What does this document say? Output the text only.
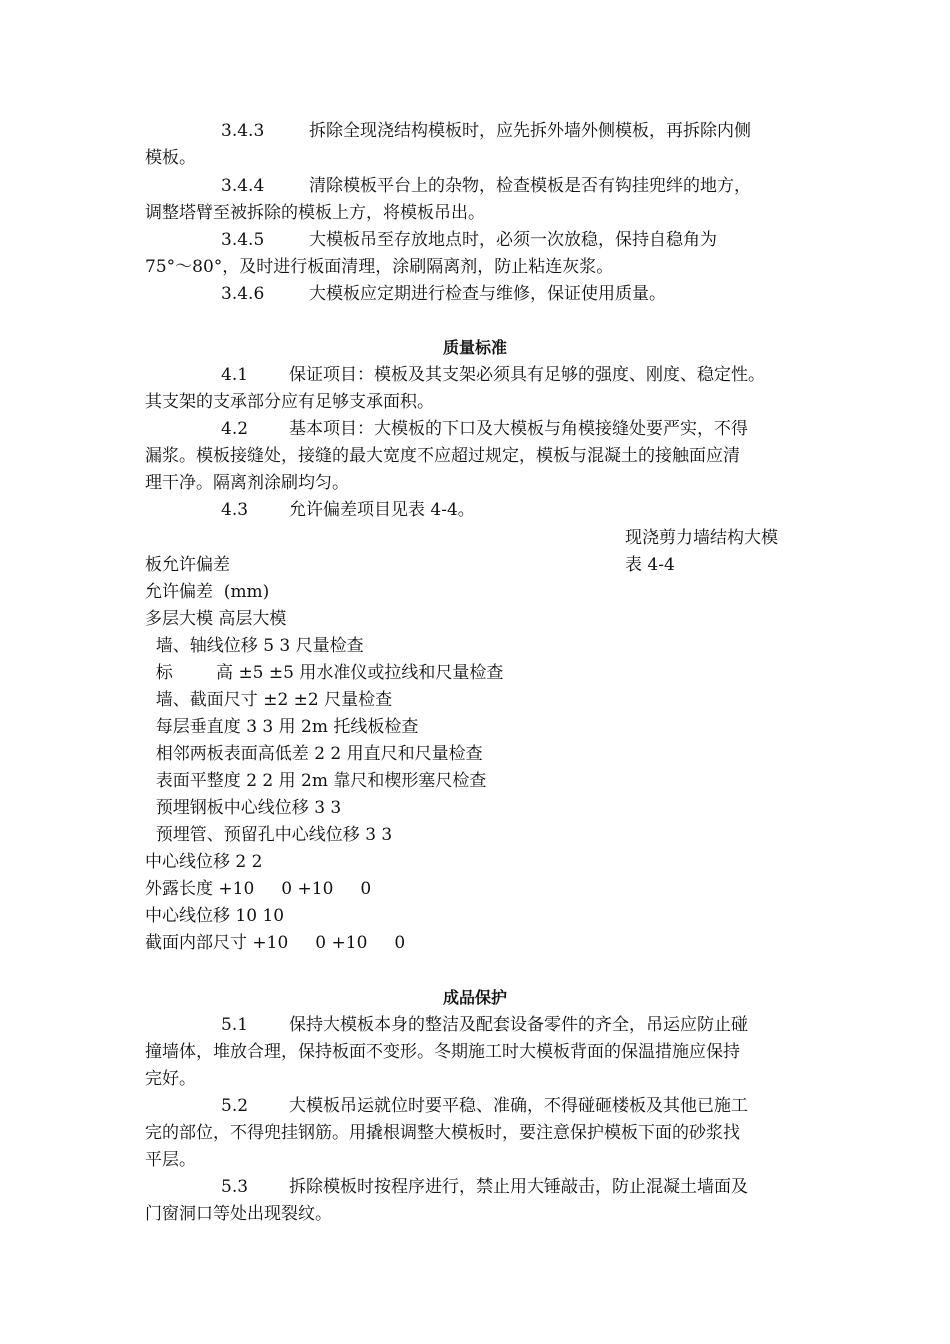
3.4.3	拆除全现浇结构模板时，应先拆外墙外侧模板，再拆除内侧
模板。
3.4.4	清除模板平台上的杂物，检查模板是否有钩挂兜绊的地方，
调整塔臂至被拆除的模板上方，将模板吊出。
3.4.5	大模板吊至存放地点时，必须一次放稳，保持自稳角为
75°～80°，及时进行板面清理，涂刷隔离剂，防止粘连灰浆。
3.4.6	大模板应定期进行检查与维修，保证使用质量。
质量标准
4.1 保证项目：模板及其支架必须具有足够的强度、刚度、稳定性。
其支架的支承部分应有足够支承面积。
4.2 基本项目：大模板的下口及大模板与角模接缝处要严实，不得
漏浆。模板接缝处，接缝的最大宽度不应超过规定，模板与混凝土的接触面应清
理干净。隔离剂涂刷均匀。
4.3 允许偏差项目见表 4-4。
现浇剪力墙结构大模
板允许偏差	表 4-4
允许偏差  (mm)
多层大模 高层大模
墙、轴线位移 5 3 尺量检查
标        高 ±5 ±5 用水准仪或拉线和尺量检查
墙、截面尺寸 ±2 ±2 尺量检查
每层垂直度 3 3 用 2m 托线板检查
相邻两板表面高低差 2 2 用直尺和尺量检查
表面平整度 2 2 用 2m 靠尺和楔形塞尺检查
预埋钢板中心线位移 3 3
预埋管、预留孔中心线位移 3 3
中心线位移 2 2
外露长度 +10     0 +10     0
中心线位移 10 10
截面内部尺寸 +10     0 +10     0
成品保护
5.1 保持大模板本身的整洁及配套设备零件的齐全，吊运应防止碰
撞墙体，堆放合理，保持板面不变形。冬期施工时大模板背面的保温措施应保持
完好。
5.2 大模板吊运就位时要平稳、准确，不得碰砸楼板及其他已施工
完的部位，不得兜挂钢筋。用撬根调整大模板时，要注意保护模板下面的砂浆找
平层。
5.3 拆除模板时按程序进行，禁止用大锤敲击，防止混凝土墙面及
门窗洞口等处出现裂纹。
